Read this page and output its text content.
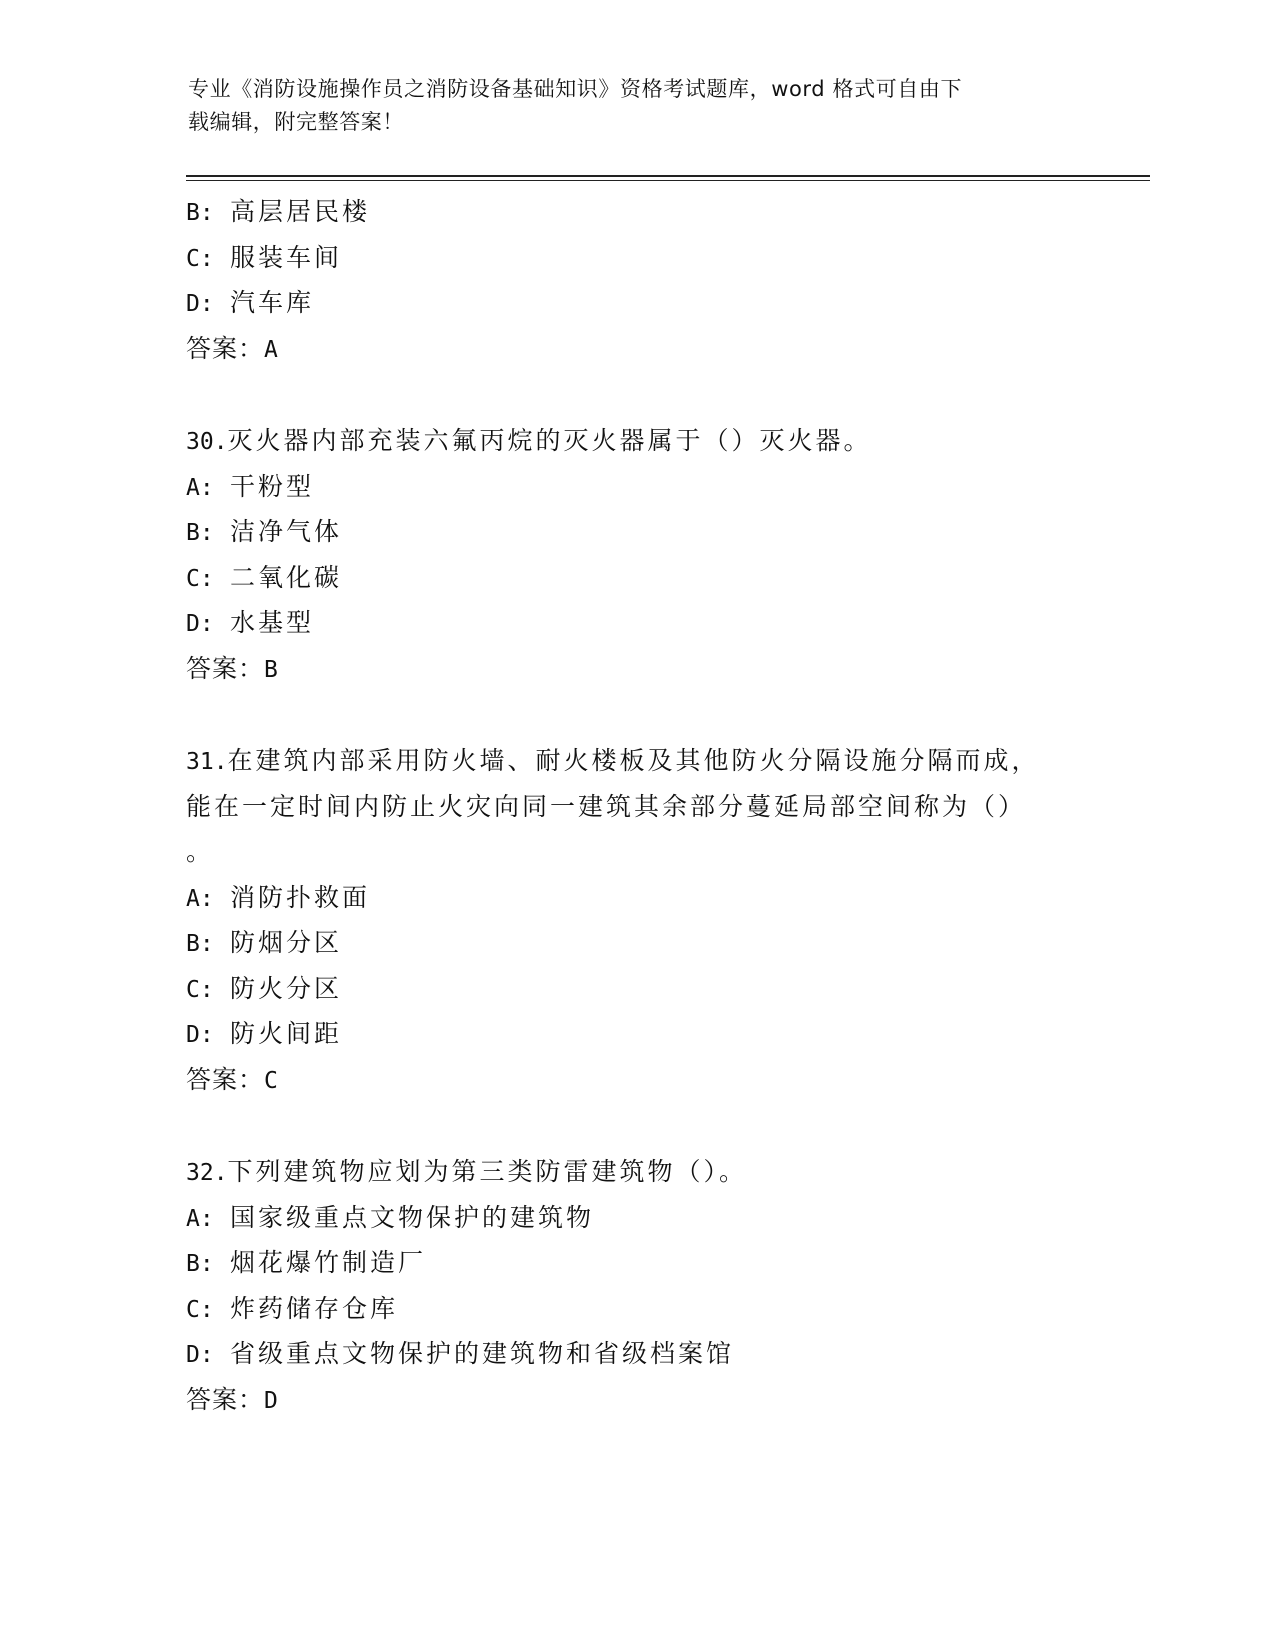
专业《消防设施操作员之消防设备基础知识》资格考试题库，word 格式可自由下
载编辑，附完整答案！
B: 高层居民楼
C: 服装车间
D: 汽车库
答案：A
30.灭火器内部充装六氟丙烷的灭火器属于（）灭火器。
A: 干粉型
B: 洁净气体
C: 二氧化碳
D: 水基型
答案：B
31.在建筑内部采用防火墙、耐火楼板及其他防火分隔设施分隔而成，
能在一定时间内防止火灾向同一建筑其余部分蔓延局部空间称为（）
。
A: 消防扑救面
B: 防烟分区
C: 防火分区
D: 防火间距
答案：C
32.下列建筑物应划为第三类防雷建筑物（）。
A: 国家级重点文物保护的建筑物
B: 烟花爆竹制造厂
C: 炸药储存仓库
D: 省级重点文物保护的建筑物和省级档案馆
答案：D
